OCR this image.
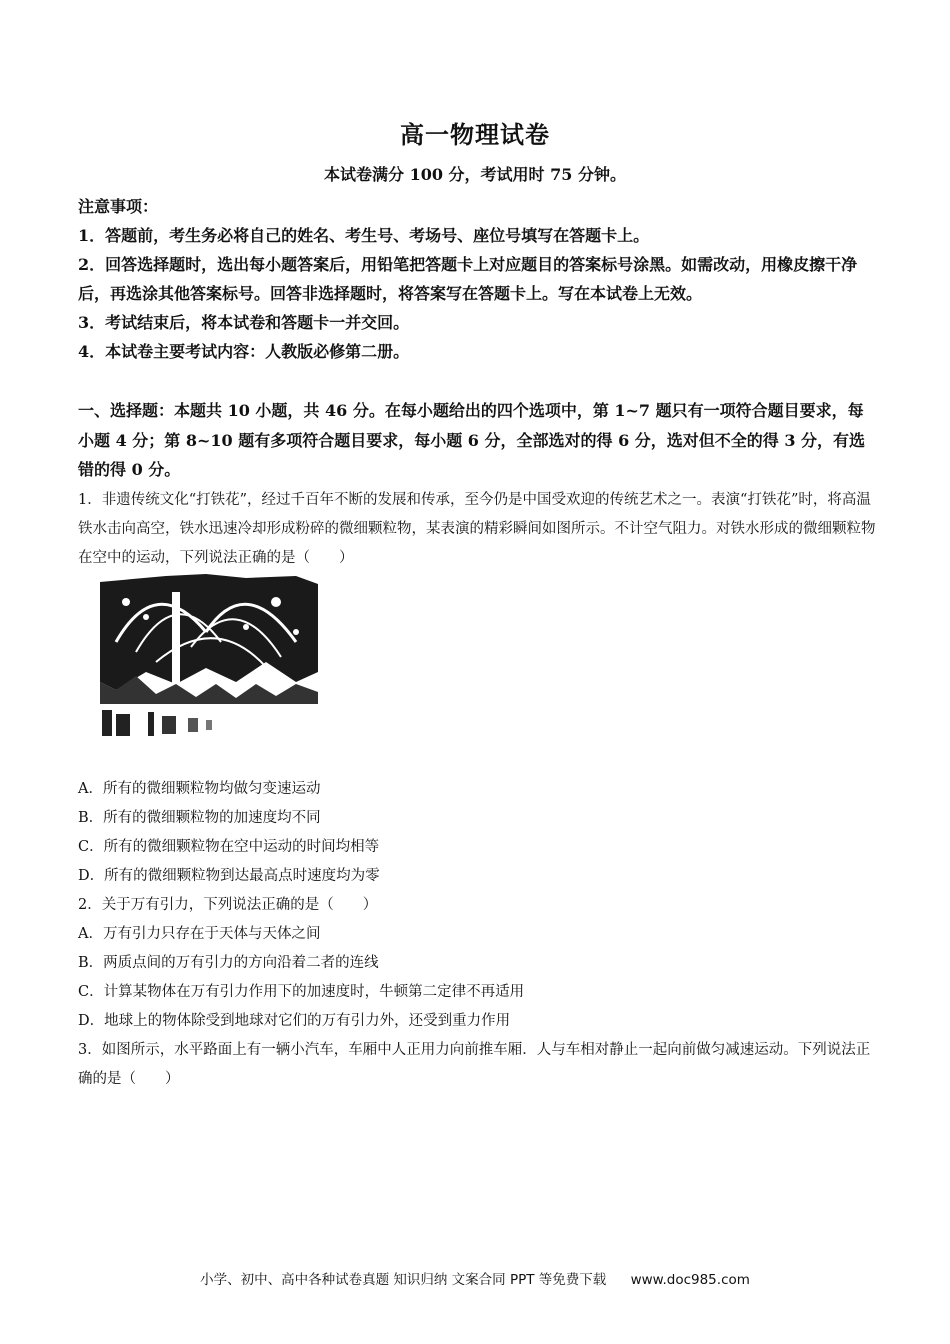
高一物理试卷
本试卷满分 100 分，考试用时 75 分钟。
注意事项：
1．答题前，考生务必将自己的姓名、考生号、考场号、座位号填写在答题卡上。
2．回答选择题时，选出每小题答案后，用铅笔把答题卡上对应题目的答案标号涂黑。如需改动，用橡皮擦干净后，再选涂其他答案标号。回答非选择题时，将答案写在答题卡上。写在本试卷上无效。
3．考试结束后，将本试卷和答题卡一并交回。
4．本试卷主要考试内容：人教版必修第二册。
一、选择题：本题共 10 小题，共 46 分。在每小题给出的四个选项中，第 1~7 题只有一项符合题目要求，每小题 4 分；第 8~10 题有多项符合题目要求，每小题 6 分，全部选对的得 6 分，选对但不全的得 3 分，有选错的得 0 分。
1．非遗传统文化“打铁花”，经过千百年不断的发展和传承，至今仍是中国受欢迎的传统艺术之一。表演“打铁花”时，将高温铁水击向高空，铁水迅速冷却形成粉碎的微细颗粒物，某表演的精彩瞬间如图所示。不计空气阻力。对铁水形成的微细颗粒物在空中的运动，下列说法正确的是（　　）
A．所有的微细颗粒物均做匀变速运动
B．所有的微细颗粒物的加速度均不同
C．所有的微细颗粒物在空中运动的时间均相等
D．所有的微细颗粒物到达最高点时速度均为零
2．关于万有引力，下列说法正确的是（　　）
A．万有引力只存在于天体与天体之间
B．两质点间的万有引力的方向沿着二者的连线
C．计算某物体在万有引力作用下的加速度时，牛顿第二定律不再适用
D．地球上的物体除受到地球对它们的万有引力外，还受到重力作用
3．如图所示，水平路面上有一辆小汽车，车厢中人正用力向前推车厢．人与车相对静止一起向前做匀减速运动。下列说法正确的是（　　）
小学、初中、高中各种试卷真题 知识归纳 文案合同 PPT 等免费下载 www.doc985.com
